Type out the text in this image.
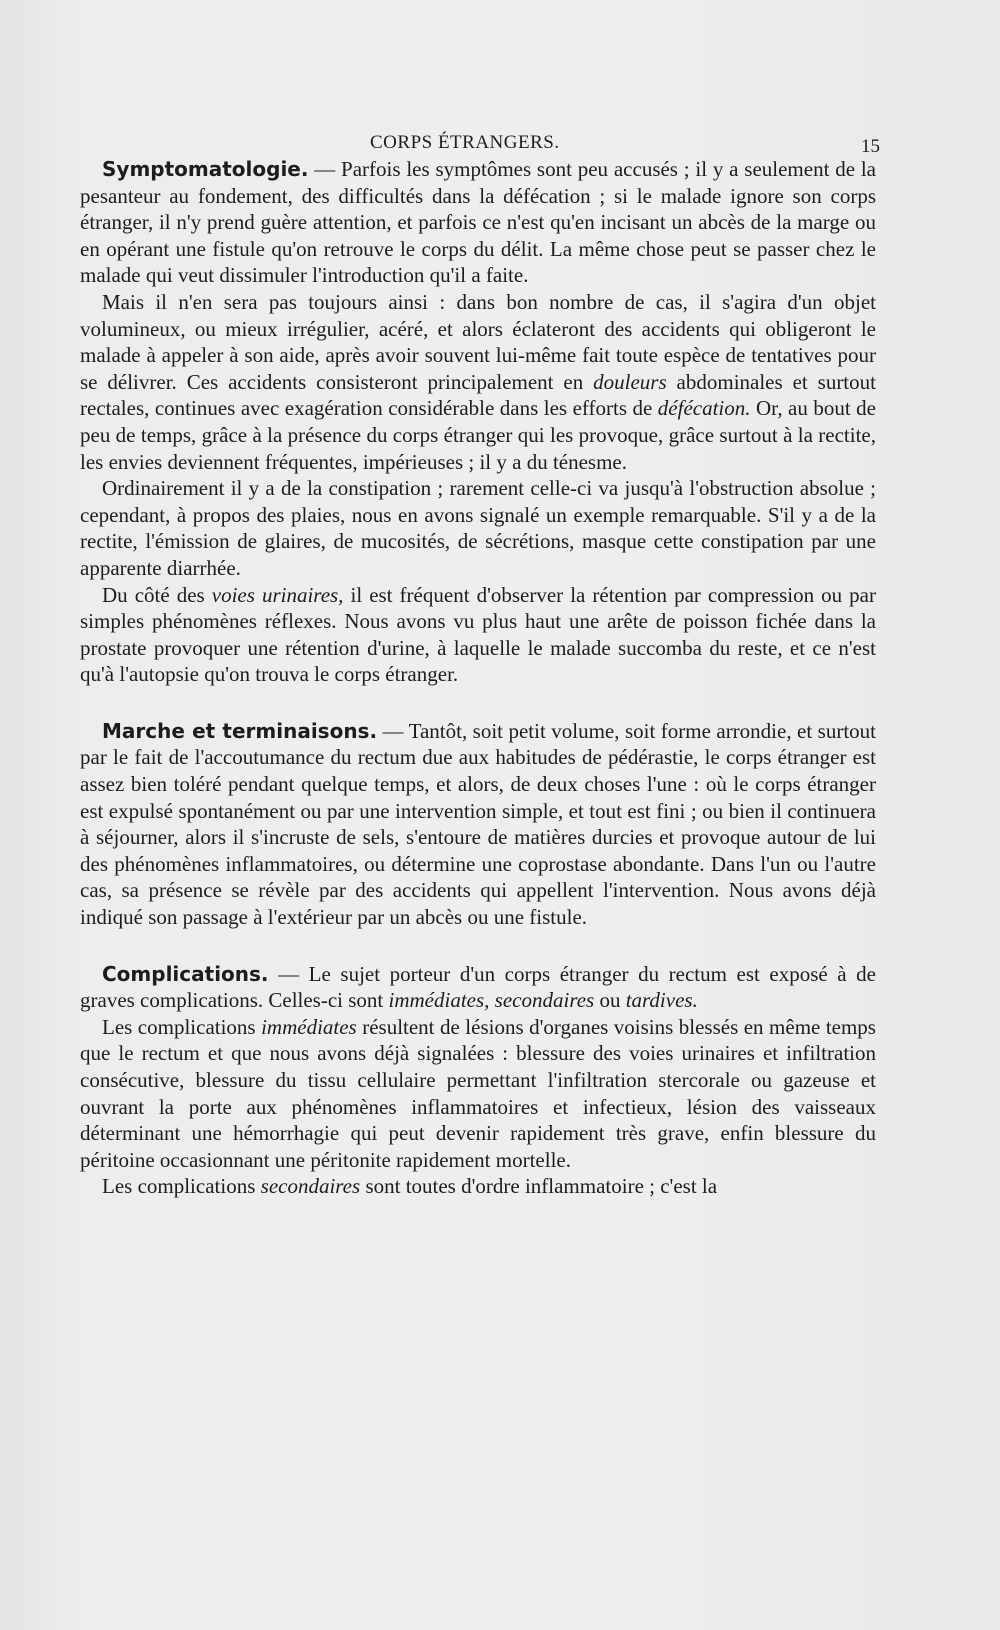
CORPS ÉTRANGERS.	15

Symptomatologie. — Parfois les symptômes sont peu accusés ; il y a seulement de la pesanteur au fondement, des difficultés dans la défécation ; si le malade ignore son corps étranger, il n'y prend guère attention, et parfois ce n'est qu'en incisant un abcès de la marge ou en opérant une fistule qu'on retrouve le corps du délit. La même chose peut se passer chez le malade qui veut dissimuler l'introduction qu'il a faite.

Mais il n'en sera pas toujours ainsi : dans bon nombre de cas, il s'agira d'un objet volumineux, ou mieux irrégulier, acéré, et alors éclateront des accidents qui obligeront le malade à appeler à son aide, après avoir souvent lui-même fait toute espèce de tentatives pour se délivrer. Ces accidents consisteront principalement en douleurs abdominales et surtout rectales, continues avec exagération considérable dans les efforts de défécation. Or, au bout de peu de temps, grâce à la présence du corps étranger qui les provoque, grâce surtout à la rectite, les envies deviennent fréquentes, impérieuses ; il y a du ténesme.

Ordinairement il y a de la constipation ; rarement celle-ci va jusqu'à l'obstruction absolue ; cependant, à propos des plaies, nous en avons signalé un exemple remarquable. S'il y a de la rectite, l'émission de glaires, de mucosités, de sécrétions, masque cette constipation par une apparente diarrhée.

Du côté des voies urinaires, il est fréquent d'observer la rétention par compression ou par simples phénomènes réflexes. Nous avons vu plus haut une arête de poisson fichée dans la prostate provoquer une rétention d'urine, à laquelle le malade succomba du reste, et ce n'est qu'à l'autopsie qu'on trouva le corps étranger.

Marche et terminaisons. — Tantôt, soit petit volume, soit forme arrondie, et surtout par le fait de l'accoutumance du rectum due aux habitudes de pédérastie, le corps étranger est assez bien toléré pendant quelque temps, et alors, de deux choses l'une : où le corps étranger est expulsé spontanément ou par une intervention simple, et tout est fini ; ou bien il continuera à séjourner, alors il s'incruste de sels, s'entoure de matières durcies et provoque autour de lui des phénomènes inflammatoires, ou détermine une coprostase abondante. Dans l'un ou l'autre cas, sa présence se révèle par des accidents qui appellent l'intervention. Nous avons déjà indiqué son passage à l'extérieur par un abcès ou une fistule.

Complications. — Le sujet porteur d'un corps étranger du rectum est exposé à de graves complications. Celles-ci sont immédiates, secondaires ou tardives.

Les complications immédiates résultent de lésions d'organes voisins blessés en même temps que le rectum et que nous avons déjà signalées : blessure des voies urinaires et infiltration consécutive, blessure du tissu cellulaire permettant l'infiltration stercorale ou gazeuse et ouvrant la porte aux phénomènes inflammatoires et infectieux, lésion des vaisseaux déterminant une hémorrhagie qui peut devenir rapidement très grave, enfin blessure du péritoine occasionnant une péritonite rapidement mortelle.

Les complications secondaires sont toutes d'ordre inflammatoire ; c'est la
